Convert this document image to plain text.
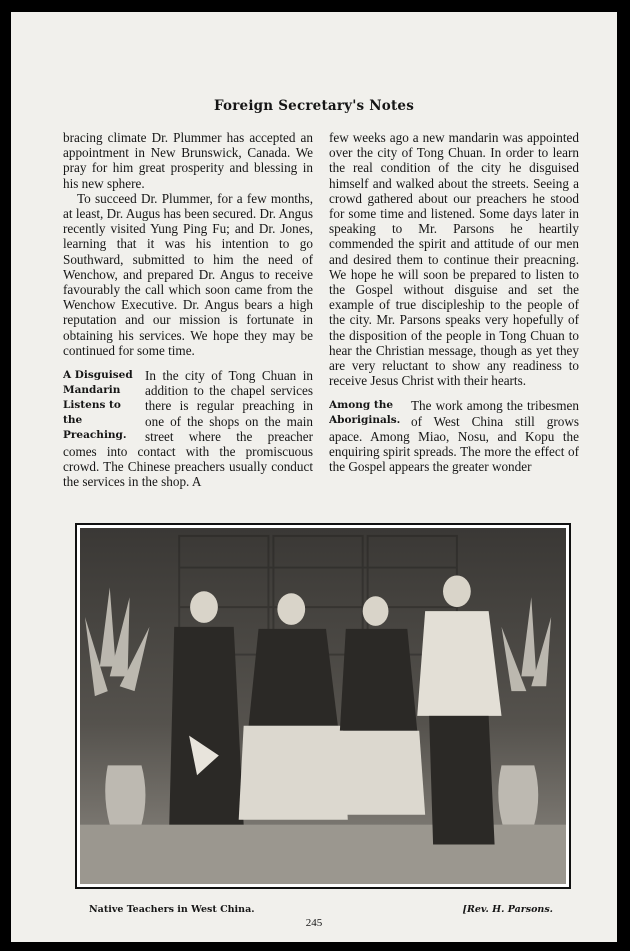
Foreign Secretary's Notes

bracing climate Dr. Plummer has accepted an appointment in New Brunswick, Canada. We pray for him great prosperity and blessing in his new sphere.

To succeed Dr. Plummer, for a few months, at least, Dr. Augus has been secured. Dr. Angus recently visited Yung Ping Fu; and Dr. Jones, learning that it was his intention to go Southward, submitted to him the need of Wenchow, and prepared Dr. Angus to receive favourably the call which soon came from the Wenchow Executive. Dr. Angus bears a high reputation and our mission is fortunate in obtaining his services. We hope they may be continued for some time.

A Disguised Mandarin Listens to the Preaching.

In the city of Tong Chuan in addition to the chapel services there is regular preaching in one of the shops on the main street where the preacher comes into contact with the promiscuous crowd. The Chinese preachers usually conduct the services in the shop. A

few weeks ago a new mandarin was appointed over the city of Tong Chuan. In order to learn the real condition of the city he disguised himself and walked about the streets. Seeing a crowd gathered about our preachers he stood for some time and listened. Some days later in speaking to Mr. Parsons he heartily commended the spirit and attitude of our men and desired them to continue their preacning. We hope he will soon be prepared to listen to the Gospel without disguise and set the example of true discipleship to the people of the city. Mr. Parsons speaks very hopefully of the disposition of the people in Tong Chuan to hear the Christian message, though as yet they are very reluctant to show any readiness to receive Jesus Christ with their hearts.

Among the Aboriginals.

The work among the tribesmen of West China still grows apace. Among Miao, Nosu, and Kopu the enquiring spirit spreads. The more the effect of the Gospel appears the greater wonder

Native Teachers in West China.	[Rev. H. Parsons.
245
